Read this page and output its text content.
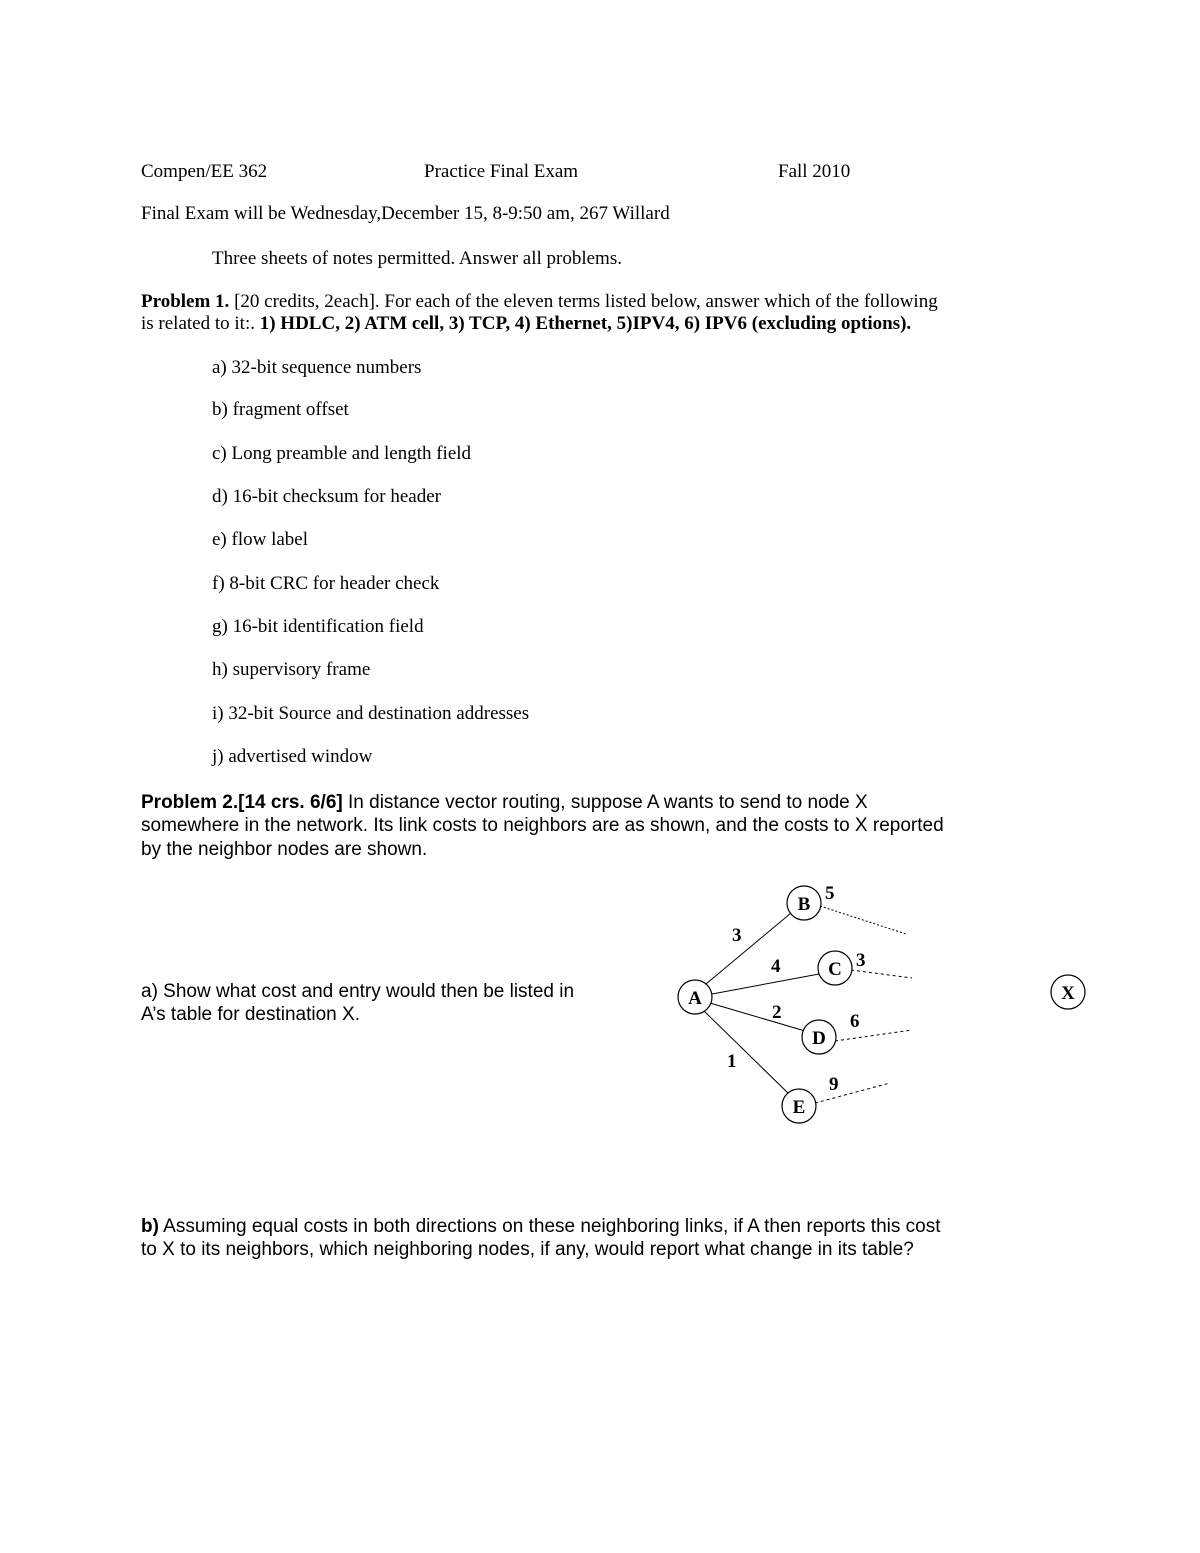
Compen/EE 362	Practice Final Exam	Fall 2010
Final Exam will be Wednesday,December 15, 8-9:50 am, 267 Willard
Three sheets of notes permitted. Answer all problems.
Problem 1. [20 credits, 2each]. For each of the eleven terms listed below, answer which of the following
is related to it:. 1) HDLC, 2) ATM cell, 3) TCP, 4) Ethernet, 5)IPV4, 6) IPV6 (excluding options).
a) 32-bit sequence numbers
b) fragment offset
c) Long preamble and length field
d) 16-bit checksum for header
e) flow label
f) 8-bit CRC for header check
g) 16-bit identification field
h) supervisory frame
i) 32-bit Source and destination addresses
j) advertised window
Problem 2.[14 crs. 6/6] In distance vector routing, suppose A wants to send to node X
somewhere in the network. Its link costs to neighbors are as shown, and the costs to X reported
by the neighbor nodes are shown.
a) Show what cost and entry would then be listed in
A’s table for destination X.
A
B
C
D
E
X
3
4
2
1
5
3
6
9
b) Assuming equal costs in both directions on these neighboring links, if A then reports this cost
to X to its neighbors, which neighboring nodes, if any, would report what change in its table?
